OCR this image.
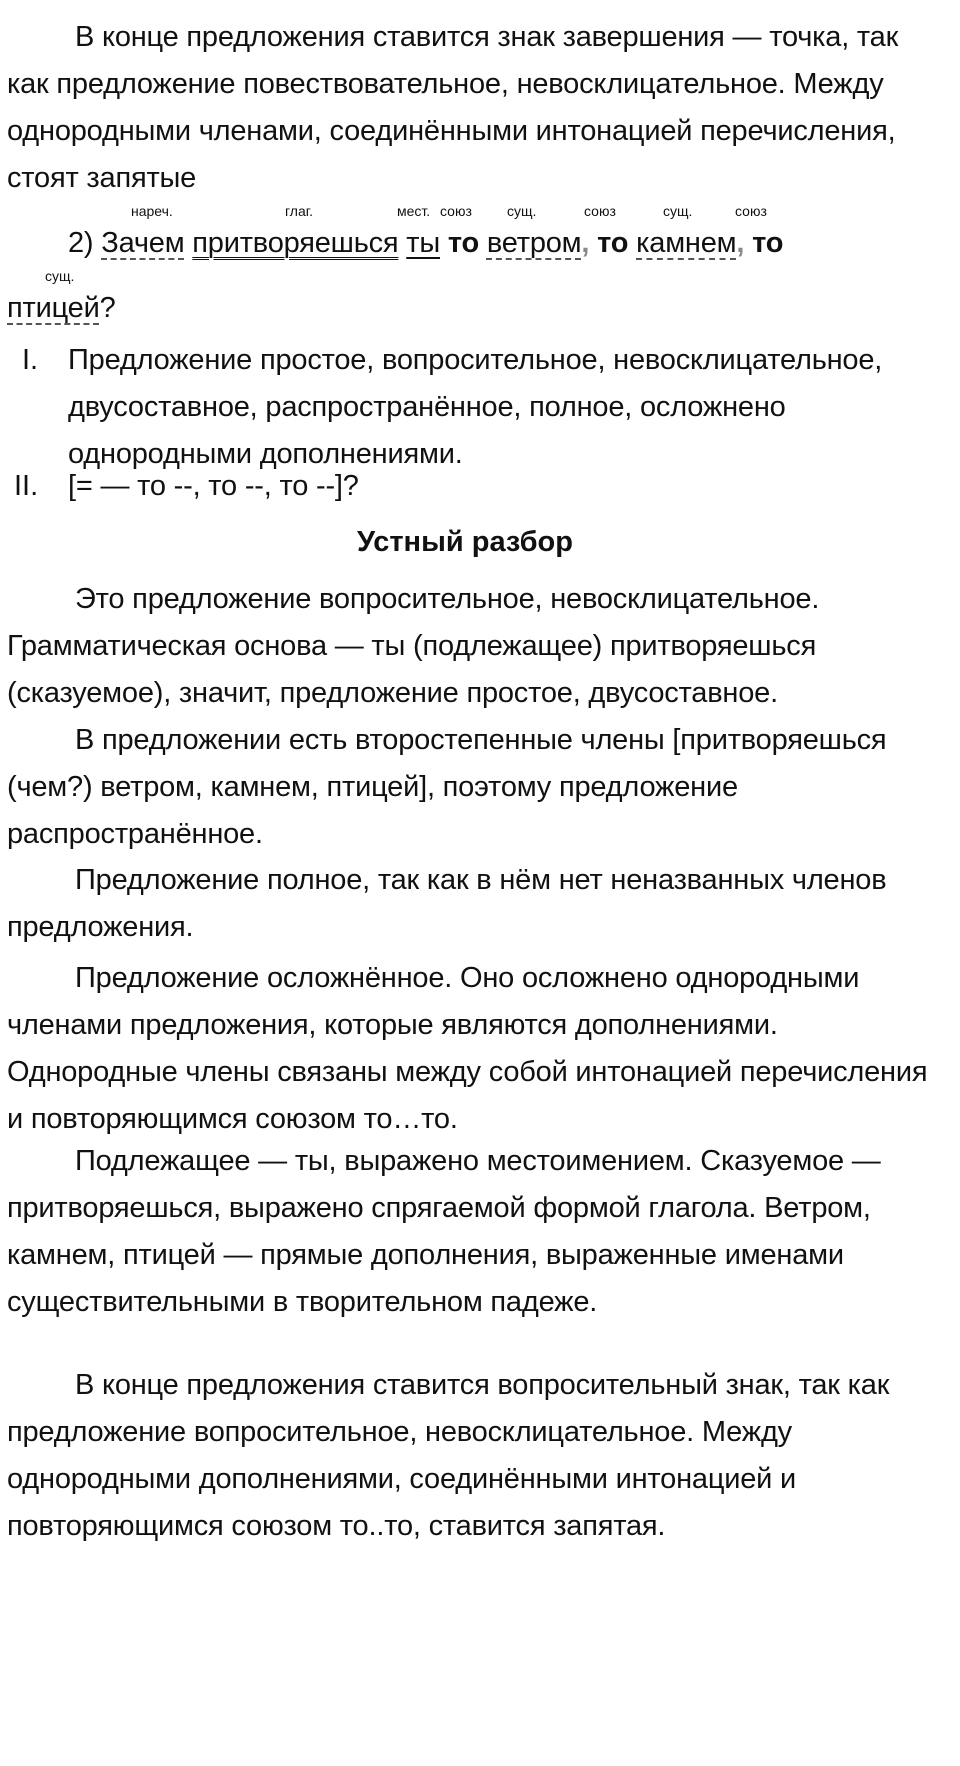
В конце предложения ставится знак завершения — точка, так как предложение повествовательное, невосклицательное. Между однородными членами, соединёнными интонацией перечисления, стоят запятые

нареч.	глаг.	мест. союз	сущ.	союз	сущ.	союз
2) Зачем притворяешься ты то ветром, то камнем, то
сущ.
птицей?
I. Предложение простое, вопросительное, невосклицательное, двусоставное, распространённое, полное, осложнено однородными дополнениями.
II. [= — то --, то --, то --]?
Устный разбор

Это предложение вопросительное, невосклицательное. Грамматическая основа — ты (подлежащее) притворяешься (сказуемое), значит, предложение простое, двусоставное.

В предложении есть второстепенные члены [притворяешься (чем?) ветром, камнем, птицей], поэтому предложение распространённое.

Предложение полное, так как в нём нет неназванных членов предложения.

Предложение осложнённое. Оно осложнено однородными членами предложения, которые являются дополнениями. Однородные члены связаны между собой интонацией перечисления и повторяющимся союзом то…то.

Подлежащее — ты, выражено местоимением. Сказуемое — притворяешься, выражено спрягаемой формой глагола. Ветром, камнем, птицей — прямые дополнения, выраженные именами существительными в творительном падеже.

В конце предложения ставится вопросительный знак, так как предложение вопросительное, невосклицательное. Между однородными дополнениями, соединёнными интонацией и повторяющимся союзом то..то, ставится запятая.
